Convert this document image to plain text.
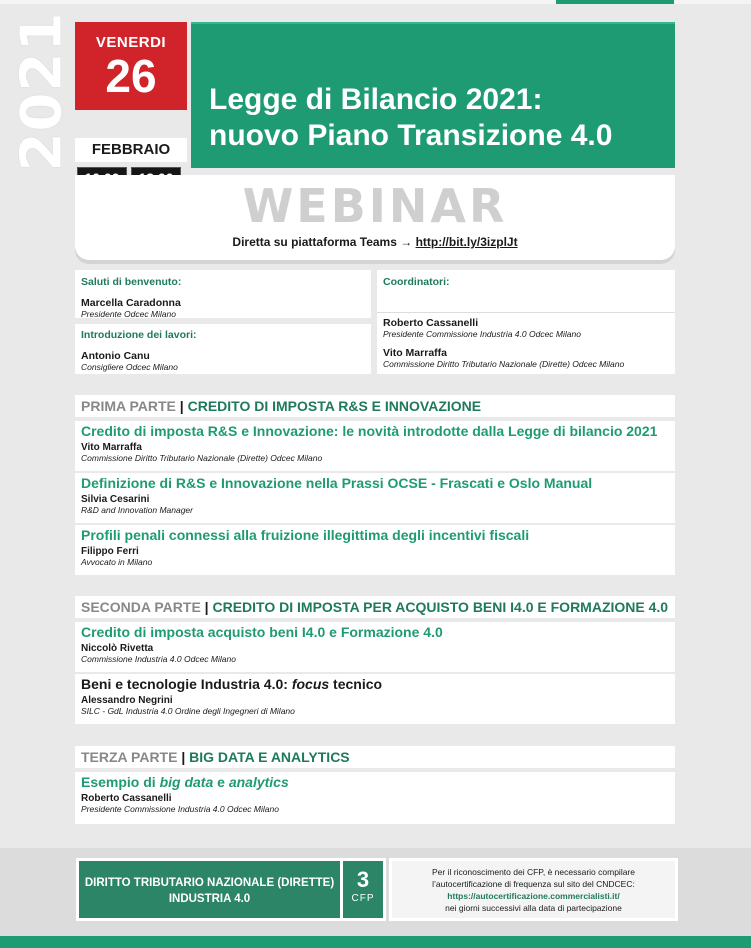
2021	VENERDI
26
FEBBRAIO
Legge di Bilancio 2021:
nuovo Piano Transizione 4.0
WEBINAR
Diretta su piattaforma Teams → http://bit.ly/3izplJt
Saluti di benvenuto:
Marcella Caradonna
Presidente Odcec Milano
Introduzione dei lavori:
Antonio Canu
Consigliere Odcec Milano
Coordinatori:
Roberto Cassanelli
Presidente Commissione Industria 4.0 Odcec Milano
Vito Marraffa
Commissione Diritto Tributario Nazionale (Dirette) Odcec Milano
PRIMA PARTE | CREDITO DI IMPOSTA R&S E INNOVAZIONE
Credito di imposta R&S e Innovazione: le novità introdotte dalla Legge di bilancio 2021
Vito Marraffa
Commissione Diritto Tributario Nazionale (Dirette) Odcec Milano
Definizione di R&S e Innovazione nella Prassi OCSE - Frascati e Oslo Manual
Silvia Cesarini
R&D and Innovation Manager
Profili penali connessi alla fruizione illegittima degli incentivi fiscali
Filippo Ferri
Avvocato in Milano
SECONDA PARTE | CREDITO DI IMPOSTA PER ACQUISTO BENI I4.0 E FORMAZIONE 4.0
Credito di imposta acquisto beni I4.0 e Formazione 4.0
Niccolò Rivetta
Commissione Industria 4.0 Odcec Milano
Beni e tecnologie Industria 4.0: focus tecnico
Alessandro Negrini
SILC - GdL Industria 4.0 Ordine degli Ingegneri di Milano
TERZA PARTE | BIG DATA E ANALYTICS
Esempio di big data e analytics
Roberto Cassanelli
Presidente Commissione Industria 4.0 Odcec Milano
DIRITTO TRIBUTARIO NAZIONALE (DIRETTE)
INDUSTRIA 4.0
3
CFP
Per il riconoscimento dei CFP, è necessario compilare
l’autocertificazione di frequenza sul sito del CNDCEC:
https://autocertificazione.commercialisti.it/
nei giorni successivi alla data di partecipazione
